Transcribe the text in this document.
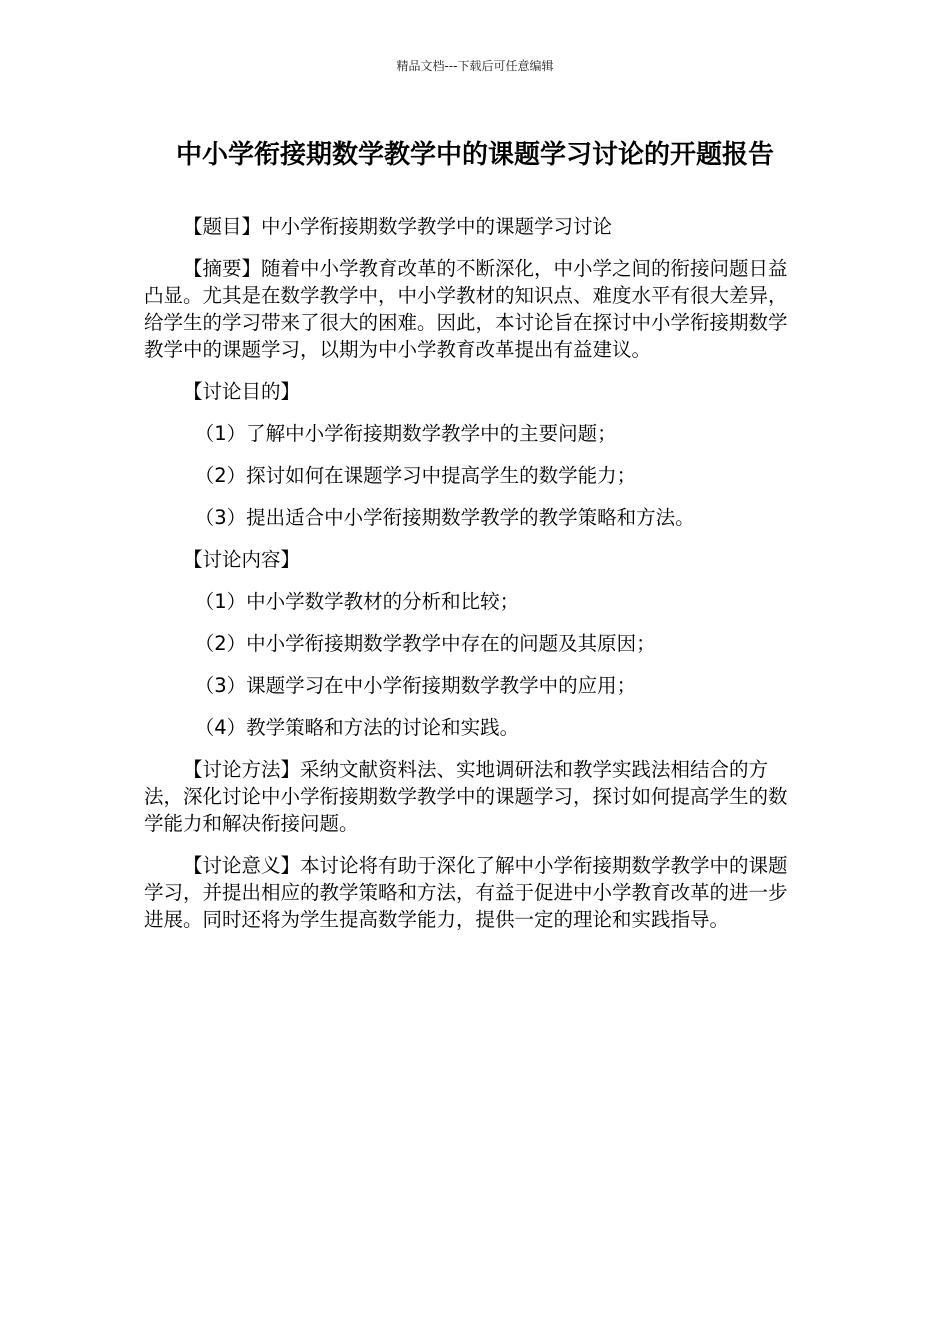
精品文档---下载后可任意编辑
中小学衔接期数学教学中的课题学习讨论的开题报告

【题目】中小学衔接期数学教学中的课题学习讨论

【摘要】随着中小学教育改革的不断深化，中小学之间的衔接问题日益凸显。尤其是在数学教学中，中小学教材的知识点、难度水平有很大差异，给学生的学习带来了很大的困难。因此，本讨论旨在探讨中小学衔接期数学教学中的课题学习，以期为中小学教育改革提出有益建议。

【讨论目的】

（1）了解中小学衔接期数学教学中的主要问题；

（2）探讨如何在课题学习中提高学生的数学能力；

（3）提出适合中小学衔接期数学教学的教学策略和方法。

【讨论内容】

（1）中小学数学教材的分析和比较；

（2）中小学衔接期数学教学中存在的问题及其原因；

（3）课题学习在中小学衔接期数学教学中的应用；

（4）教学策略和方法的讨论和实践。

【讨论方法】采纳文献资料法、实地调研法和教学实践法相结合的方法，深化讨论中小学衔接期数学教学中的课题学习，探讨如何提高学生的数学能力和解决衔接问题。

【讨论意义】本讨论将有助于深化了解中小学衔接期数学教学中的课题学习，并提出相应的教学策略和方法，有益于促进中小学教育改革的进一步进展。同时还将为学生提高数学能力，提供一定的理论和实践指导。
